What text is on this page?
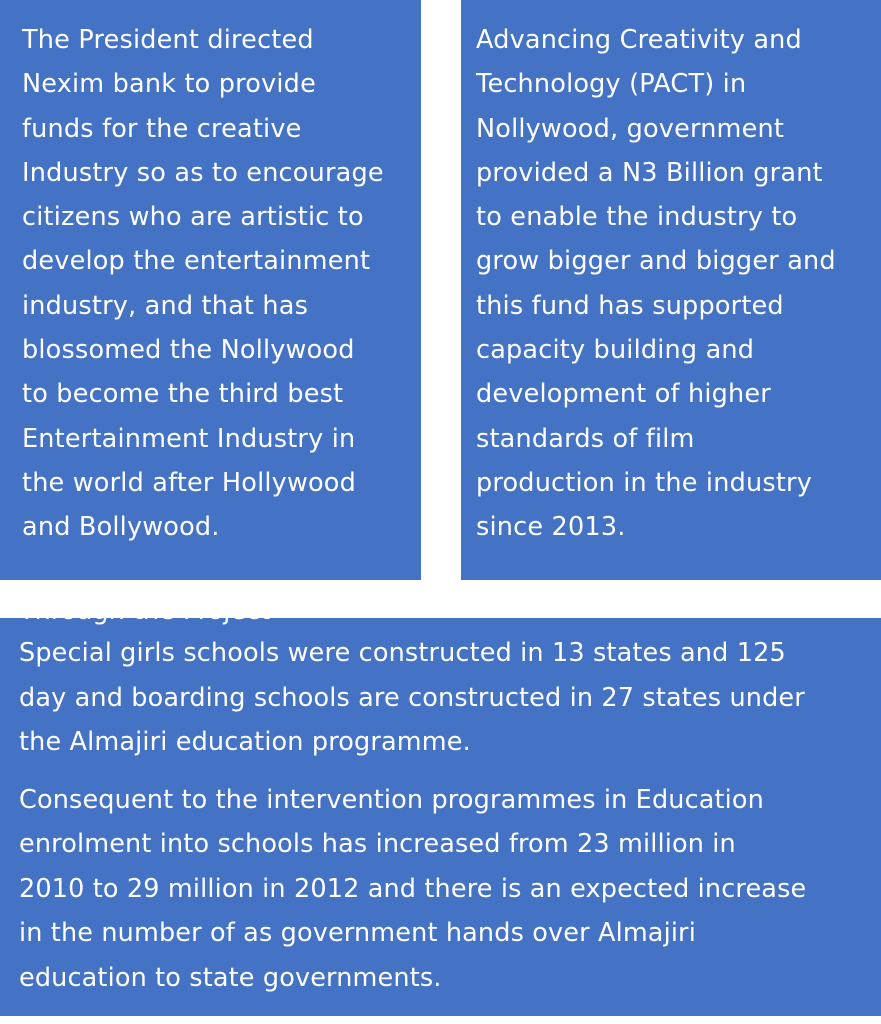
The President directed
Nexim bank to provide
funds for the creative
Industry so as to encourage
citizens who are artistic to
develop the entertainment
industry, and that has
blossomed the Nollywood
to become the third best
Entertainment Industry in
the world after Hollywood
and Bollywood.

Advancing Creativity and
Technology (PACT) in
Nollywood, government
provided a N3 Billion grant
to enable the industry to
grow bigger and bigger and
this fund has supported
capacity building and
development of higher
standards of film
production in the industry
since 2013.

Through the Project

Special girls schools were constructed in 13 states and 125
day and boarding schools are constructed in 27 states under
the Almajiri education programme.

Consequent to the intervention programmes in Education
enrolment into schools has increased from 23 million in
2010 to 29 million in 2012 and there is an expected increase
in the number of as government hands over Almajiri
education to state governments.
